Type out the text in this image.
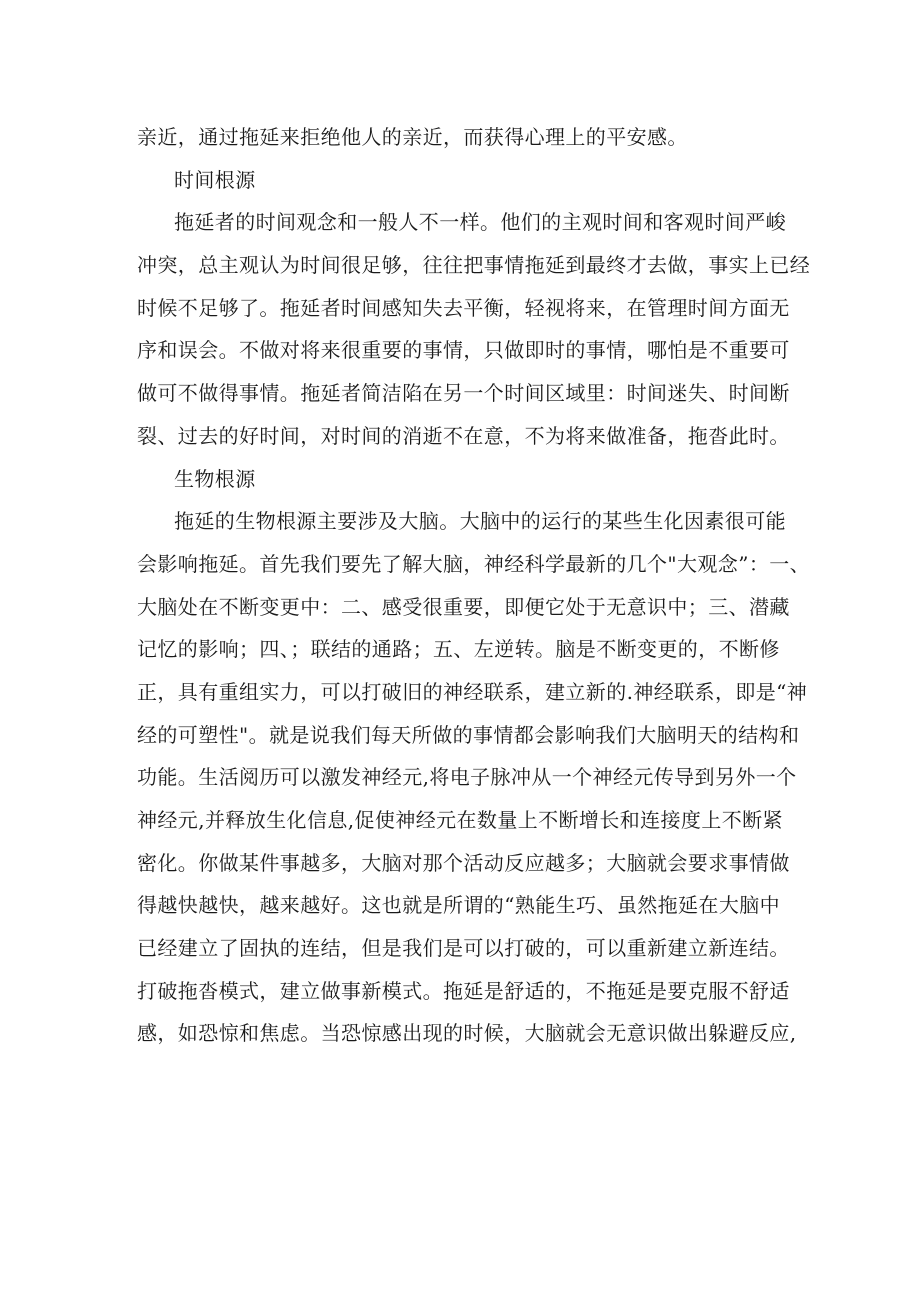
亲近，通过拖延来拒绝他人的亲近，而获得心理上的平安感。
时间根源
拖延者的时间观念和一般人不一样。他们的主观时间和客观时间严峻
冲突，总主观认为时间很足够，往往把事情拖延到最终才去做，事实上已经
时候不足够了。拖延者时间感知失去平衡，轻视将来，在管理时间方面无
序和误会。不做对将来很重要的事情，只做即时的事情，哪怕是不重要可
做可不做得事情。拖延者简洁陷在另一个时间区域里：时间迷失、时间断
裂、过去的好时间，对时间的消逝不在意，不为将来做准备，拖沓此时。
生物根源
拖延的生物根源主要涉及大脑。大脑中的运行的某些生化因素很可能
会影响拖延。首先我们要先了解大脑，神经科学最新的几个"大观念”：一、
大脑处在不断变更中：二、感受很重要，即便它处于无意识中；三、潜藏
记忆的影响；四、；联结的通路；五、左逆转。脑是不断变更的，不断修
正，具有重组实力，可以打破旧的神经联系，建立新的.神经联系，即是“神
经的可塑性"。就是说我们每天所做的事情都会影响我们大脑明天的结构和
功能。生活阅历可以激发神经元,将电子脉冲从一个神经元传导到另外一个
神经元,并释放生化信息,促使神经元在数量上不断增长和连接度上不断紧
密化。你做某件事越多，大脑对那个活动反应越多；大脑就会要求事情做
得越快越快，越来越好。这也就是所谓的“熟能生巧、虽然拖延在大脑中
已经建立了固执的连结，但是我们是可以打破的，可以重新建立新连结。
打破拖沓模式，建立做事新模式。拖延是舒适的，不拖延是要克服不舒适
感，如恐惊和焦虑。当恐惊感出现的时候，大脑就会无意识做出躲避反应,
